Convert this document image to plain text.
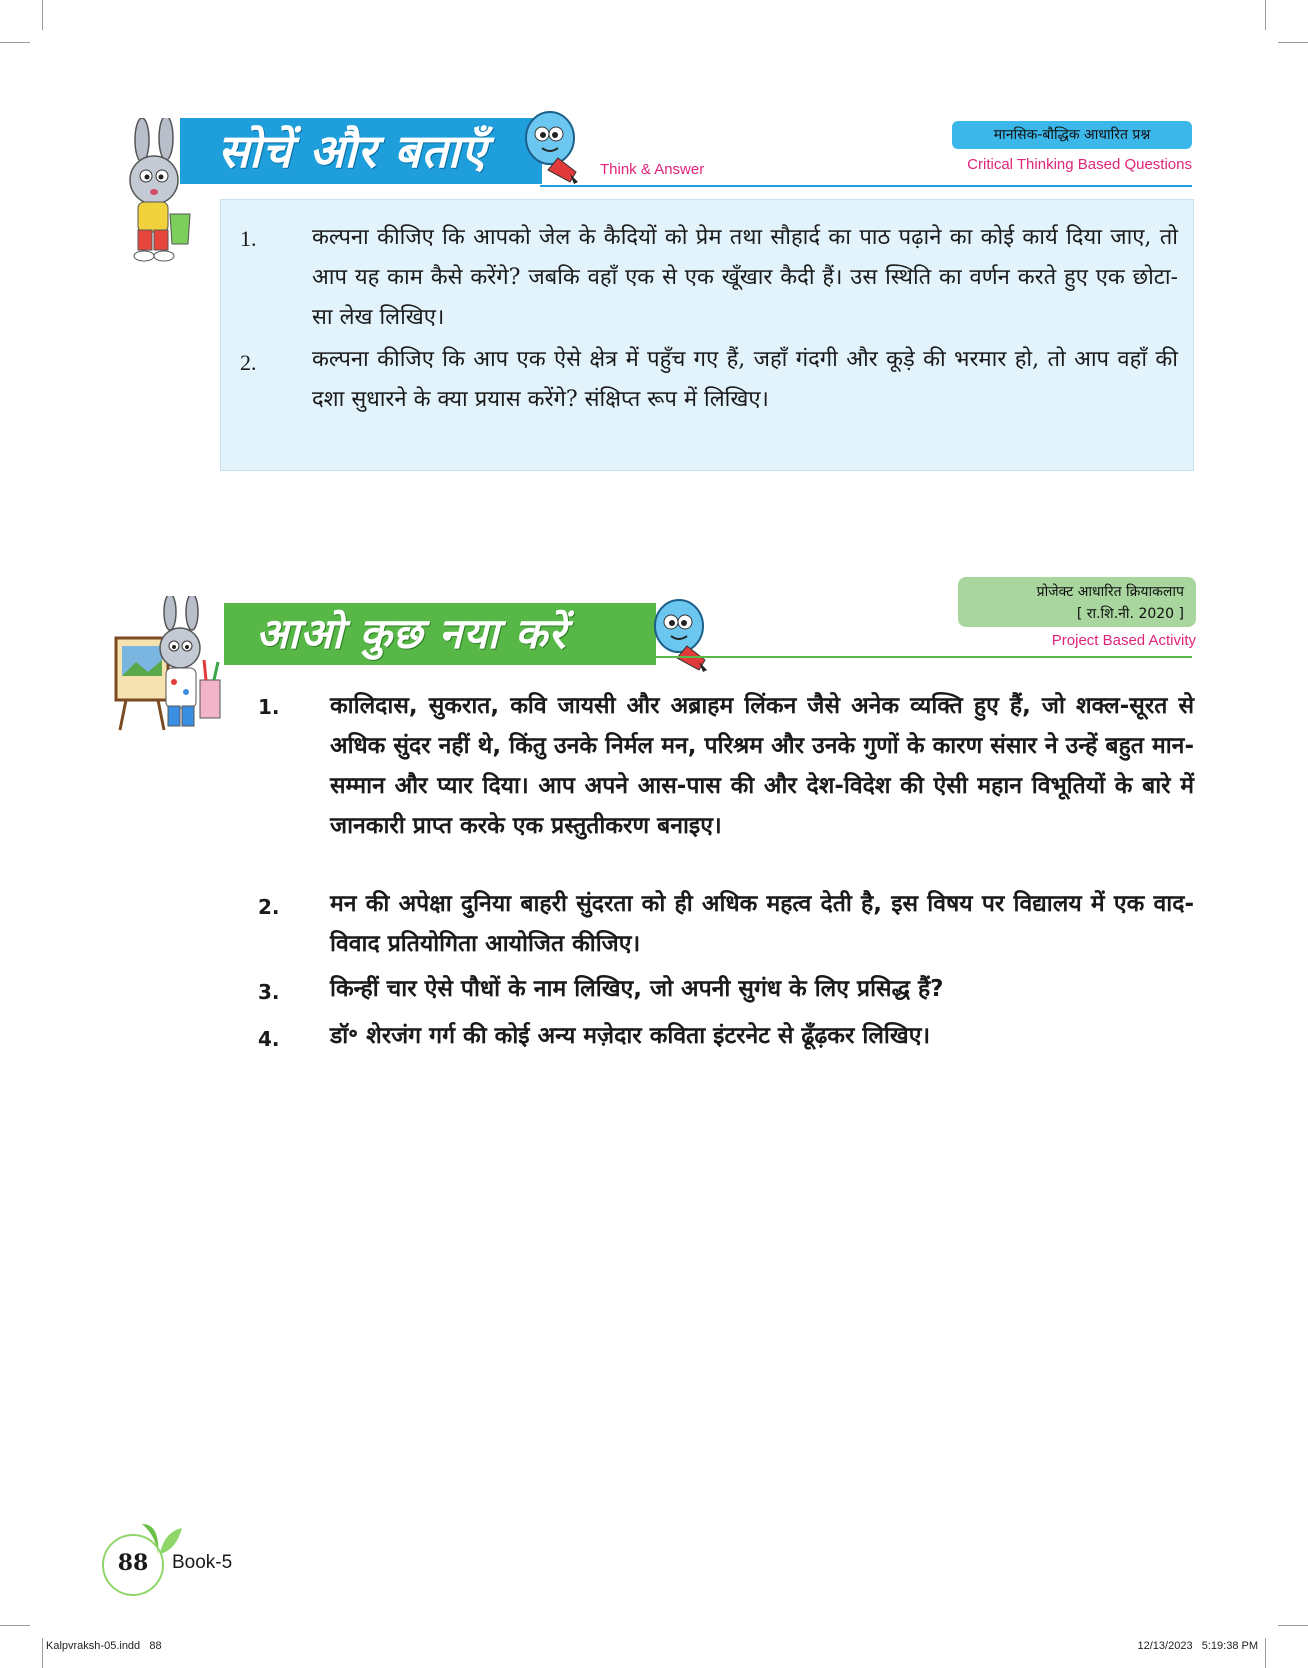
सोचें और बताएँ	Think & Answer
मानसिक-बौद्धिक आधारित प्रश्न
Critical Thinking Based Questions
1.	कल्पना कीजिए कि आपको जेल के कैदियों को प्रेम तथा सौहार्द का पाठ पढ़ाने का कोई कार्य दिया जाए, तो आप यह काम कैसे करेंगे? जबकि वहाँ एक से एक खूँखार कैदी हैं। उस स्थिति का वर्णन करते हुए एक छोटा-सा लेख लिखिए।
2.	कल्पना कीजिए कि आप एक ऐसे क्षेत्र में पहुँच गए हैं, जहाँ गंदगी और कूड़े की भरमार हो, तो आप वहाँ की दशा सुधारने के क्या प्रयास करेंगे? संक्षिप्त रूप में लिखिए।
आओ कुछ नया करें
प्रोजेक्ट आधारित क्रियाकलाप
[ रा.शि.नी. 2020 ]
Project Based Activity
1. कालिदास, सुकरात, कवि जायसी और अब्राहम लिंकन जैसे अनेक व्यक्ति हुए हैं, जो शक्ल-सूरत से अधिक सुंदर नहीं थे, किंतु उनके निर्मल मन, परिश्रम और उनके गुणों के कारण संसार ने उन्हें बहुत मान-सम्मान और प्यार दिया। आप अपने आस-पास की और देश-विदेश की ऐसी महान विभूतियों के बारे में जानकारी प्राप्त करके एक प्रस्तुतीकरण बनाइए।
2. मन की अपेक्षा दुनिया बाहरी सुंदरता को ही अधिक महत्व देती है, इस विषय पर विद्यालय में एक वाद-विवाद प्रतियोगिता आयोजित कीजिए।
3. किन्हीं चार ऐसे पौधों के नाम लिखिए, जो अपनी सुगंध के लिए प्रसिद्ध हैं?
4. डॉ॰ शेरजंग गर्ग की कोई अन्य मज़ेदार कविता इंटरनेट से ढूँढ़कर लिखिए।
88	Book-5
Kalpvraksh-05.indd   88	12/13/2023   5:19:38 PM
